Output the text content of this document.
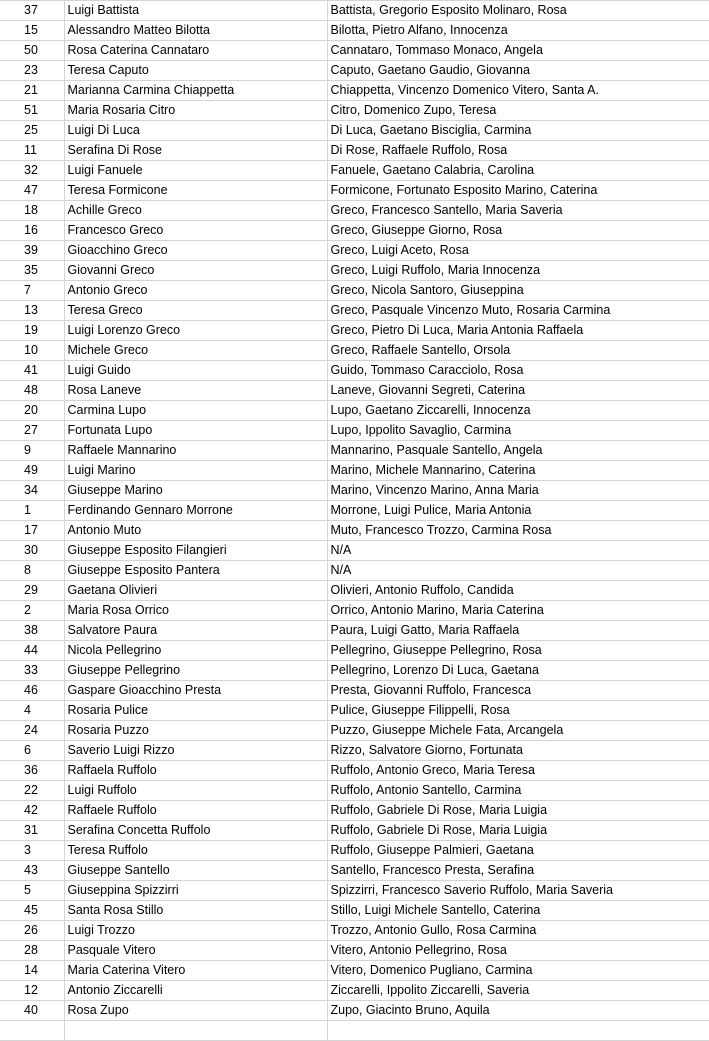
37	Luigi Battista	Battista, Gregorio Esposito Molinaro, Rosa
15	Alessandro Matteo Bilotta	Bilotta, Pietro Alfano, Innocenza
50	Rosa Caterina Cannataro	Cannataro, Tommaso Monaco, Angela
23	Teresa Caputo	Caputo, Gaetano Gaudio, Giovanna
21	Marianna Carmina Chiappetta	Chiappetta, Vincenzo Domenico Vitero, Santa A.
51	Maria Rosaria Citro	Citro, Domenico Zupo, Teresa
25	Luigi Di Luca	Di Luca, Gaetano Bisciglia, Carmina
11	Serafina Di Rose	Di Rose, Raffaele Ruffolo, Rosa
32	Luigi Fanuele	Fanuele, Gaetano Calabria, Carolina
47	Teresa Formicone	Formicone, Fortunato Esposito Marino, Caterina
18	Achille Greco	Greco, Francesco Santello, Maria Saveria
16	Francesco Greco	Greco, Giuseppe Giorno, Rosa
39	Gioacchino Greco	Greco, Luigi Aceto, Rosa
35	Giovanni Greco	Greco, Luigi Ruffolo, Maria Innocenza
7	Antonio Greco	Greco, Nicola Santoro, Giuseppina
13	Teresa Greco	Greco, Pasquale Vincenzo Muto, Rosaria Carmina
19	Luigi Lorenzo Greco	Greco, Pietro Di Luca, Maria Antonia Raffaela
10	Michele Greco	Greco, Raffaele Santello, Orsola
41	Luigi Guido	Guido, Tommaso Caracciolo, Rosa
48	Rosa Laneve	Laneve, Giovanni Segreti, Caterina
20	Carmina Lupo	Lupo, Gaetano Ziccarelli, Innocenza
27	Fortunata Lupo	Lupo, Ippolito Savaglio, Carmina
9	Raffaele Mannarino	Mannarino, Pasquale Santello, Angela
49	Luigi Marino	Marino, Michele Mannarino, Caterina
34	Giuseppe Marino	Marino, Vincenzo Marino, Anna Maria
1	Ferdinando Gennaro Morrone	Morrone, Luigi Pulice, Maria Antonia
17	Antonio Muto	Muto, Francesco Trozzo, Carmina Rosa
30	Giuseppe Esposito Filangieri	N/A
8	Giuseppe Esposito Pantera	N/A
29	Gaetana Olivieri	Olivieri, Antonio Ruffolo, Candida
2	Maria Rosa Orrico	Orrico, Antonio Marino, Maria Caterina
38	Salvatore Paura	Paura, Luigi Gatto, Maria Raffaela
44	Nicola Pellegrino	Pellegrino, Giuseppe Pellegrino, Rosa
33	Giuseppe Pellegrino	Pellegrino, Lorenzo Di Luca, Gaetana
46	Gaspare Gioacchino Presta	Presta, Giovanni Ruffolo, Francesca
4	Rosaria Pulice	Pulice, Giuseppe Filippelli, Rosa
24	Rosaria Puzzo	Puzzo, Giuseppe Michele Fata, Arcangela
6	Saverio Luigi Rizzo	Rizzo, Salvatore Giorno, Fortunata
36	Raffaela Ruffolo	Ruffolo, Antonio Greco, Maria Teresa
22	Luigi Ruffolo	Ruffolo, Antonio Santello, Carmina
42	Raffaele Ruffolo	Ruffolo, Gabriele Di Rose, Maria Luigia
31	Serafina Concetta Ruffolo	Ruffolo, Gabriele Di Rose, Maria Luigia
3	Teresa Ruffolo	Ruffolo, Giuseppe Palmieri, Gaetana
43	Giuseppe Santello	Santello, Francesco Presta, Serafina
5	Giuseppina Spizzirri	Spizzirri, Francesco Saverio Ruffolo, Maria Saveria
45	Santa Rosa Stillo	Stillo, Luigi Michele Santello, Caterina
26	Luigi Trozzo	Trozzo, Antonio Gullo, Rosa Carmina
28	Pasquale Vitero	Vitero, Antonio Pellegrino, Rosa
14	Maria Caterina Vitero	Vitero, Domenico Pugliano, Carmina
12	Antonio Ziccarelli	Ziccarelli, Ippolito Ziccarelli, Saveria
40	Rosa Zupo	Zupo, Giacinto Bruno, Aquila
